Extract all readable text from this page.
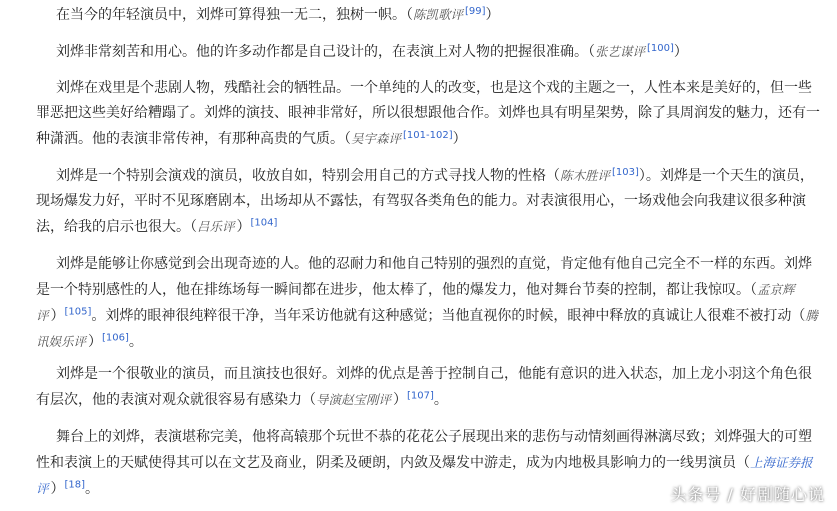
在当今的年轻演员中，刘烨可算得独一无二，独树一帜。（陈凯歌评 [99]）

刘烨非常刻苦和用心。他的许多动作都是自己设计的，在表演上对人物的把握很准确。（张艺谋评 [100]）

刘烨在戏里是个悲剧人物，残酷社会的牺牲品。一个单纯的人的改变，也是这个戏的主题之一，人性本来是美好的，但一些罪恶把这些美好给糟蹋了。刘烨的演技、眼神非常好，所以很想跟他合作。刘烨也具有明星架势，除了具周润发的魅力，还有一种潇洒。他的表演非常传神，有那种高贵的气质。（吴宇森评 [101-102]）

刘烨是一个特别会演戏的演员，收放自如，特别会用自己的方式寻找人物的性格（陈木胜评 [103]）。刘烨是一个天生的演员，现场爆发力好，平时不见琢磨剧本，出场却从不露怯，有驾驭各类角色的能力。对表演很用心，一场戏他会向我建议很多种演法，给我的启示也很大。（吕乐评 ）[104]

刘烨是能够让你感觉到会出现奇迹的人。他的忍耐力和他自己特别的强烈的直觉，肯定他有他自己完全不一样的东西。刘烨是一个特别感性的人，他在排练场每一瞬间都在进步，他太棒了，他的爆发力，他对舞台节奏的控制，都让我惊叹。（孟京辉评 ）[105]。刘烨的眼神很纯粹很干净，当年采访他就有这种感觉；当他直视你的时候，眼神中释放的真诚让人很难不被打动（腾讯娱乐评 ）[106]。

刘烨是一个很敬业的演员，而且演技也很好。刘烨的优点是善于控制自己，他能有意识的进入状态，加上龙小羽这个角色很有层次，他的表演对观众就很容易有感染力（导演赵宝刚评 ）[107]。

舞台上的刘烨，表演堪称完美，他将高辕那个玩世不恭的花花公子展现出来的悲伤与动情刻画得淋漓尽致；刘烨强大的可塑性和表演上的天赋使得其可以在文艺及商业，阴柔及硬朗，内敛及爆发中游走，成为内地极具影响力的一线男演员（上海证券报评 ）[18]。	头条号 / 好剧随心说
